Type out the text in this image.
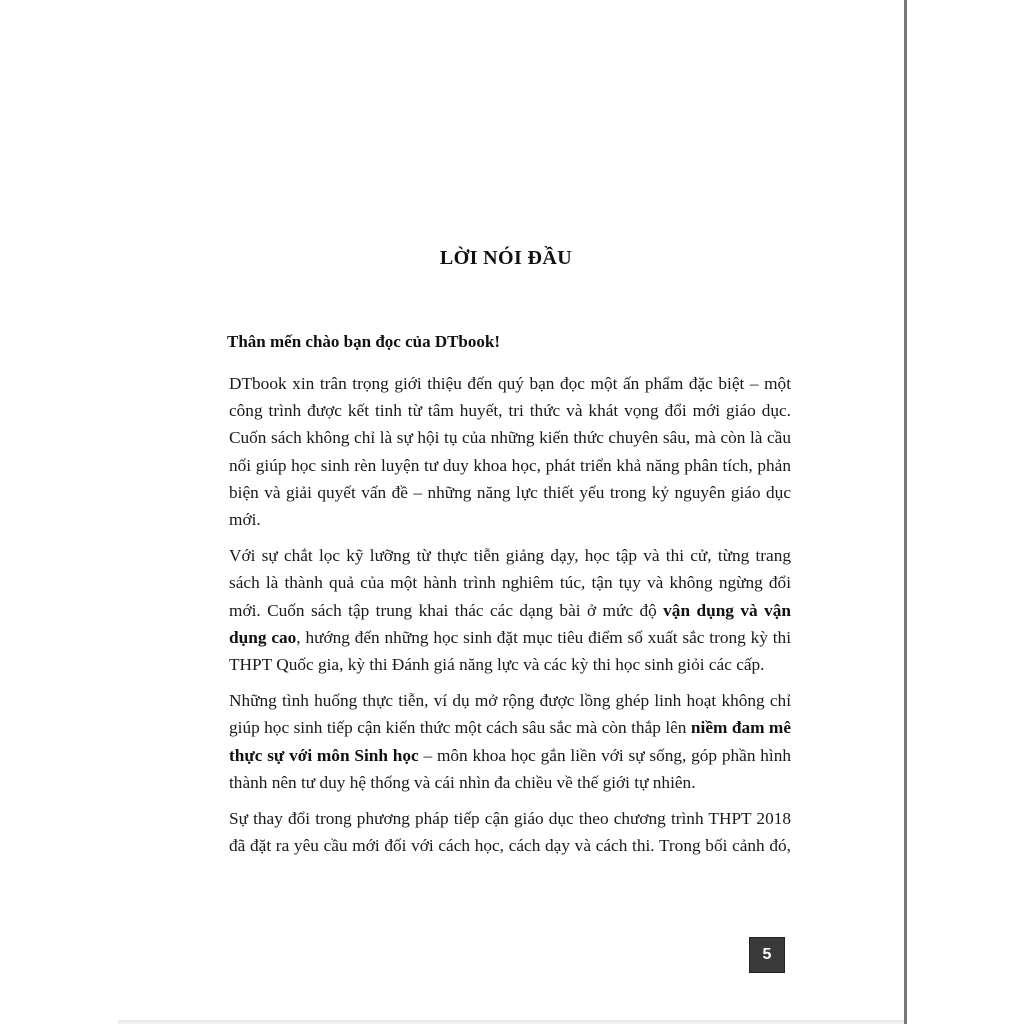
LỜI NÓI ĐẦU
Thân mến chào bạn đọc của DTbook!

DTbook xin trân trọng giới thiệu đến quý bạn đọc một ấn phẩm đặc biệt – một công trình được kết tinh từ tâm huyết, tri thức và khát vọng đổi mới giáo dục. Cuốn sách không chỉ là sự hội tụ của những kiến thức chuyên sâu, mà còn là cầu nối giúp học sinh rèn luyện tư duy khoa học, phát triển khả năng phân tích, phản biện và giải quyết vấn đề – những năng lực thiết yếu trong kỷ nguyên giáo dục mới.

Với sự chắt lọc kỹ lưỡng từ thực tiễn giảng dạy, học tập và thi cử, từng trang sách là thành quả của một hành trình nghiêm túc, tận tụy và không ngừng đổi mới. Cuốn sách tập trung khai thác các dạng bài ở mức độ vận dụng và vận dụng cao, hướng đến những học sinh đặt mục tiêu điểm số xuất sắc trong kỳ thi THPT Quốc gia, kỳ thi Đánh giá năng lực và các kỳ thi học sinh giỏi các cấp.

Những tình huống thực tiễn, ví dụ mở rộng được lồng ghép linh hoạt không chỉ giúp học sinh tiếp cận kiến thức một cách sâu sắc mà còn thắp lên niềm đam mê thực sự với môn Sinh học – môn khoa học gắn liền với sự sống, góp phần hình thành nên tư duy hệ thống và cái nhìn đa chiều về thế giới tự nhiên.

Sự thay đổi trong phương pháp tiếp cận giáo dục theo chương trình THPT 2018 đã đặt ra yêu cầu mới đối với cách học, cách dạy và cách thi. Trong bối cảnh đó,

5
